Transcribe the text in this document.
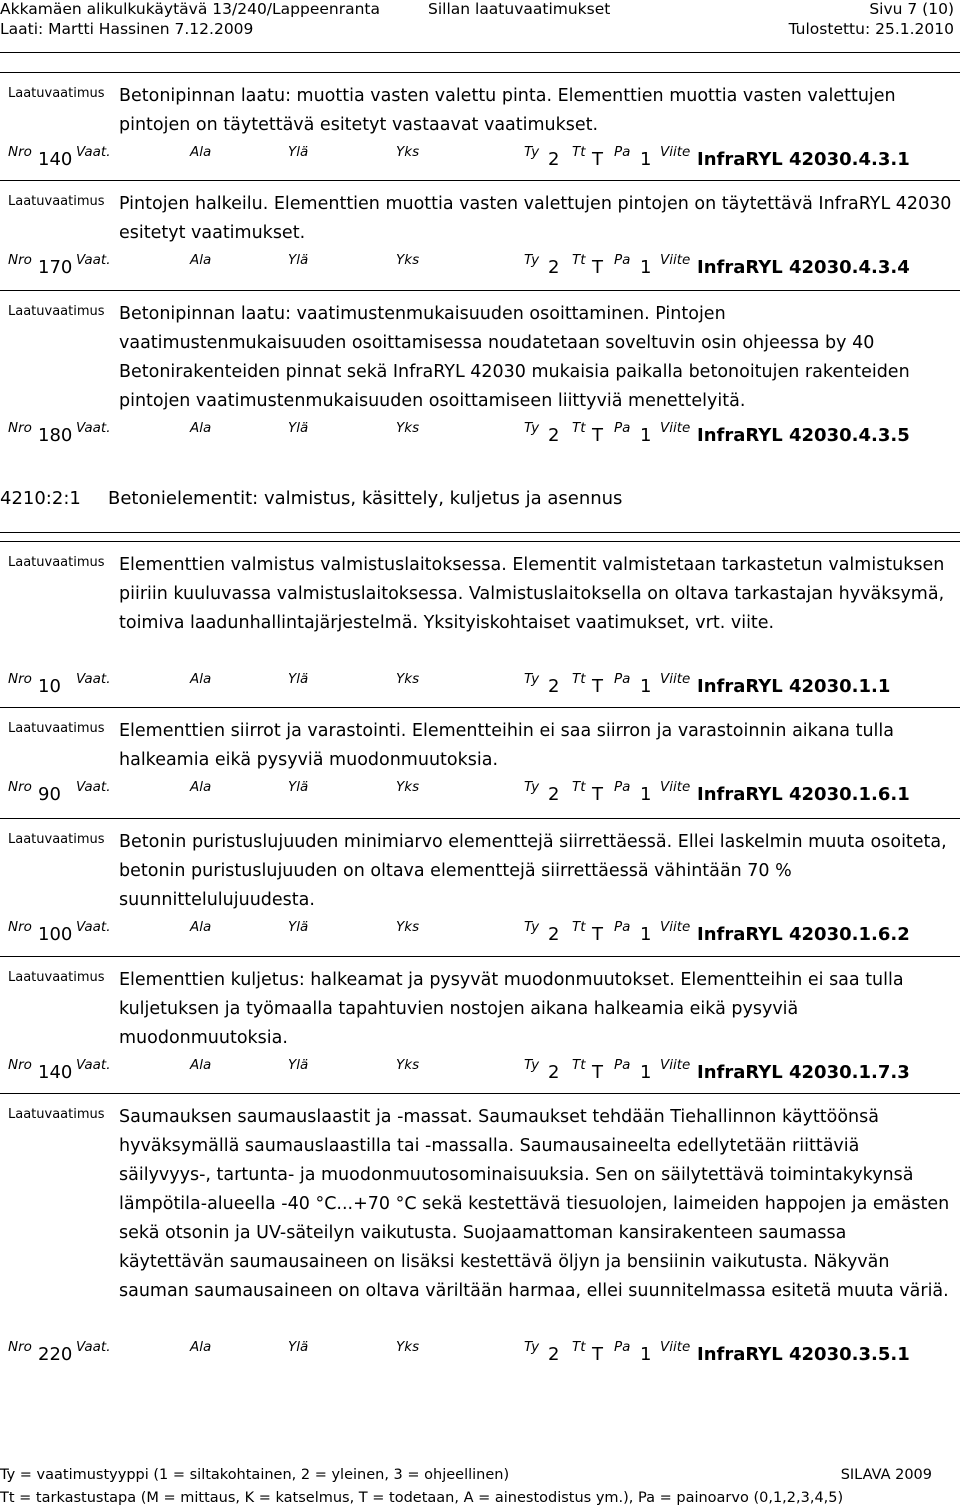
Akkamäen alikulkukäytävä 13/240/Lappeenranta	Sillan laatuvaatimukset	Sivu 7 (10)
Laati: Martti Hassinen 7.12.2009	Tulostettu: 25.1.2010
Laatuvaatimus Betonipinnan laatu: muottia vasten valettu pinta. Elementtien muottia vasten valettujen pintojen on täytettävä esitetyt vastaavat vaatimukset.

Nro 140 Vaat.	Ala	Ylä	Yks	Ty 2 Tt T Pa 1 Viite InfraRYL 42030.4.3.1
Laatuvaatimus Pintojen halkeilu. Elementtien muottia vasten valettujen pintojen on täytettävä InfraRYL 42030 esitetyt vaatimukset.

Nro 170 Vaat.	Ala	Ylä	Yks	Ty 2 Tt T Pa 1 Viite InfraRYL 42030.4.3.4
Laatuvaatimus Betonipinnan laatu: vaatimustenmukaisuuden osoittaminen. Pintojen vaatimustenmukaisuuden osoittamisessa noudatetaan soveltuvin osin ohjeessa by 40 Betonirakenteiden pinnat sekä InfraRYL 42030 mukaisia paikalla betonoitujen rakenteiden pintojen vaatimustenmukaisuuden osoittamiseen liittyviä menettelyitä.

Nro 180 Vaat.	Ala	Ylä	Yks	Ty 2 Tt T Pa 1 Viite InfraRYL 42030.4.3.5
Laatuvaatimus Elementtien valmistus valmistuslaitoksessa. Elementit valmistetaan tarkastetun valmistuksen piiriin kuuluvassa valmistuslaitoksessa. Valmistuslaitoksella on oltava tarkastajan hyväksymä, toimiva laadunhallintajärjestelmä. Yksityiskohtaiset vaatimukset, vrt. viite.

Nro 10 Vaat.	Ala	Ylä	Yks	Ty 2 Tt T Pa 1 Viite InfraRYL 42030.1.1
Laatuvaatimus Elementtien siirrot ja varastointi. Elementteihin ei saa siirron ja varastoinnin aikana tulla halkeamia eikä pysyviä muodonmuutoksia.

Nro 90 Vaat.	Ala	Ylä	Yks	Ty 2 Tt T Pa 1 Viite InfraRYL 42030.1.6.1
Laatuvaatimus Betonin puristuslujuuden minimiarvo elementtejä siirrettäessä. Ellei laskelmin muuta osoiteta, betonin puristuslujuuden on oltava elementtejä siirrettäessä vähintään 70 % suunnittelulujuudesta.

Nro 100 Vaat.	Ala	Ylä	Yks	Ty 2 Tt T Pa 1 Viite InfraRYL 42030.1.6.2
Laatuvaatimus Elementtien kuljetus: halkeamat ja pysyvät muodonmuutokset. Elementteihin ei saa tulla kuljetuksen ja työmaalla tapahtuvien nostojen aikana halkeamia eikä pysyviä muodonmuutoksia.

Nro 140 Vaat.	Ala	Ylä	Yks	Ty 2 Tt T Pa 1 Viite InfraRYL 42030.1.7.3
Laatuvaatimus Saumauksen saumauslaastit ja -massat. Saumaukset tehdään Tiehallinnon käyttöönsä hyväksymällä saumauslaastilla tai -massalla. Saumausaineelta edellytetään riittäviä säilyvyys-, tartunta- ja muodonmuutosominaisuuksia. Sen on säilytettävä toimintakykynsä lämpötila-alueella -40 °C...+70 °C sekä kestettävä tiesuolojen, laimeiden happojen ja emästen sekä otsonin ja UV-säteilyn vaikutusta. Suojaamattoman kansirakenteen saumassa käytettävän saumausaineen on lisäksi kestettävä öljyn ja bensiinin vaikutusta. Näkyvän sauman saumausaineen on oltava väriltään harmaa, ellei suunnitelmassa esitetä muuta väriä.

Nro 220 Vaat.	Ala	Ylä	Yks	Ty 2 Tt T Pa 1 Viite InfraRYL 42030.3.5.1
4210:2:1 Betonielementit: valmistus, käsittely, kuljetus ja asennus
Ty = vaatimustyyppi (1 = siltakohtainen, 2 = yleinen, 3 = ohjeellinen)	SILAVA 2009
Tt = tarkastustapa (M = mittaus, K = katselmus, T = todetaan, A = ainestodistus ym.), Pa = painoarvo (0,1,2,3,4,5)
